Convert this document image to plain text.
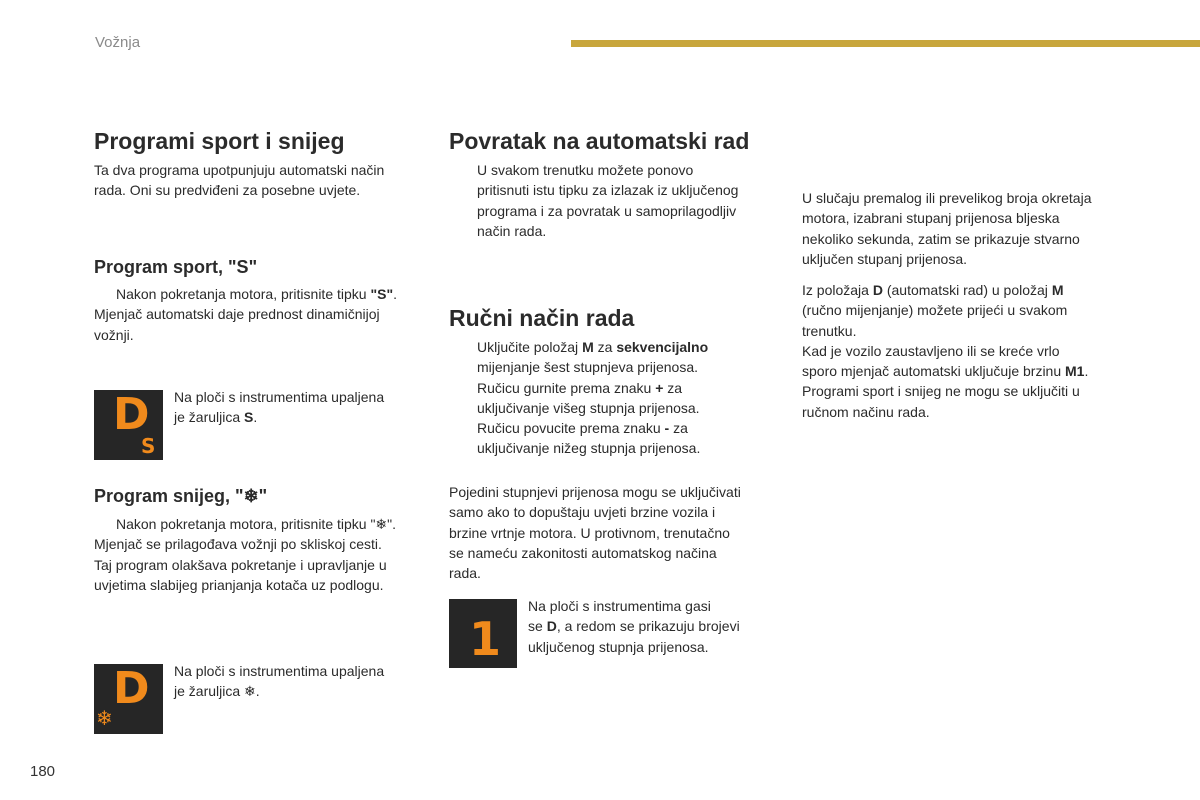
Vožnja
180
Programi sport i snijeg

Ta dva programa upotpunjuju automatski način
rada. Oni su predviđeni za posebne uvjete.

Program sport, "S"

Nakon pokretanja motora, pritisnite tipku "S".
Mjenjač automatski daje prednost dinamičnijoj
vožnji.

D
S

Na ploči s instrumentima upaljena
je žaruljica S.

Program snijeg, "❄"

Nakon pokretanja motora, pritisnite tipku "❄".
Mjenjač se prilagođava vožnji po skliskoj cesti.
Taj program olakšava pokretanje i upravljanje u
uvjetima slabijeg prianjanja kotača uz podlogu.

D
❄

Na ploči s instrumentima upaljena
je žaruljica ❄.

Povratak na automatski rad
U svakom trenutku možete ponovo
pritisnuti istu tipku za izlazak iz uključenog
programa i za povratak u samoprilagodljiv
način rada.
Ručni način rada
Uključite položaj M za sekvencijalno
mijenjanje šest stupnjeva prijenosa.
Ručicu gurnite prema znaku + za
uključivanje višeg stupnja prijenosa.
Ručicu povucite prema znaku - za
uključivanje nižeg stupnja prijenosa.

Pojedini stupnjevi prijenosa mogu se uključivati
samo ako to dopuštaju uvjeti brzine vozila i
brzine vrtnje motora. U protivnom, trenutačno
se nameću zakonitosti automatskog načina
rada.

1

Na ploči s instrumentima gasi
se D, a redom se prikazuju brojevi
uključenog stupnja prijenosa.

U slučaju premalog ili prevelikog broja okretaja
motora, izabrani stupanj prijenosa bljeska
nekoliko sekunda, zatim se prikazuje stvarno
uključen stupanj prijenosa.

Iz položaja D (automatski rad) u položaj M
(ručno mijenjanje) možete prijeći u svakom
trenutku.
Kad je vozilo zaustavljeno ili se kreće vrlo
sporo mjenjač automatski uključuje brzinu M1.
Programi sport i snijeg ne mogu se uključiti u
ručnom načinu rada.
